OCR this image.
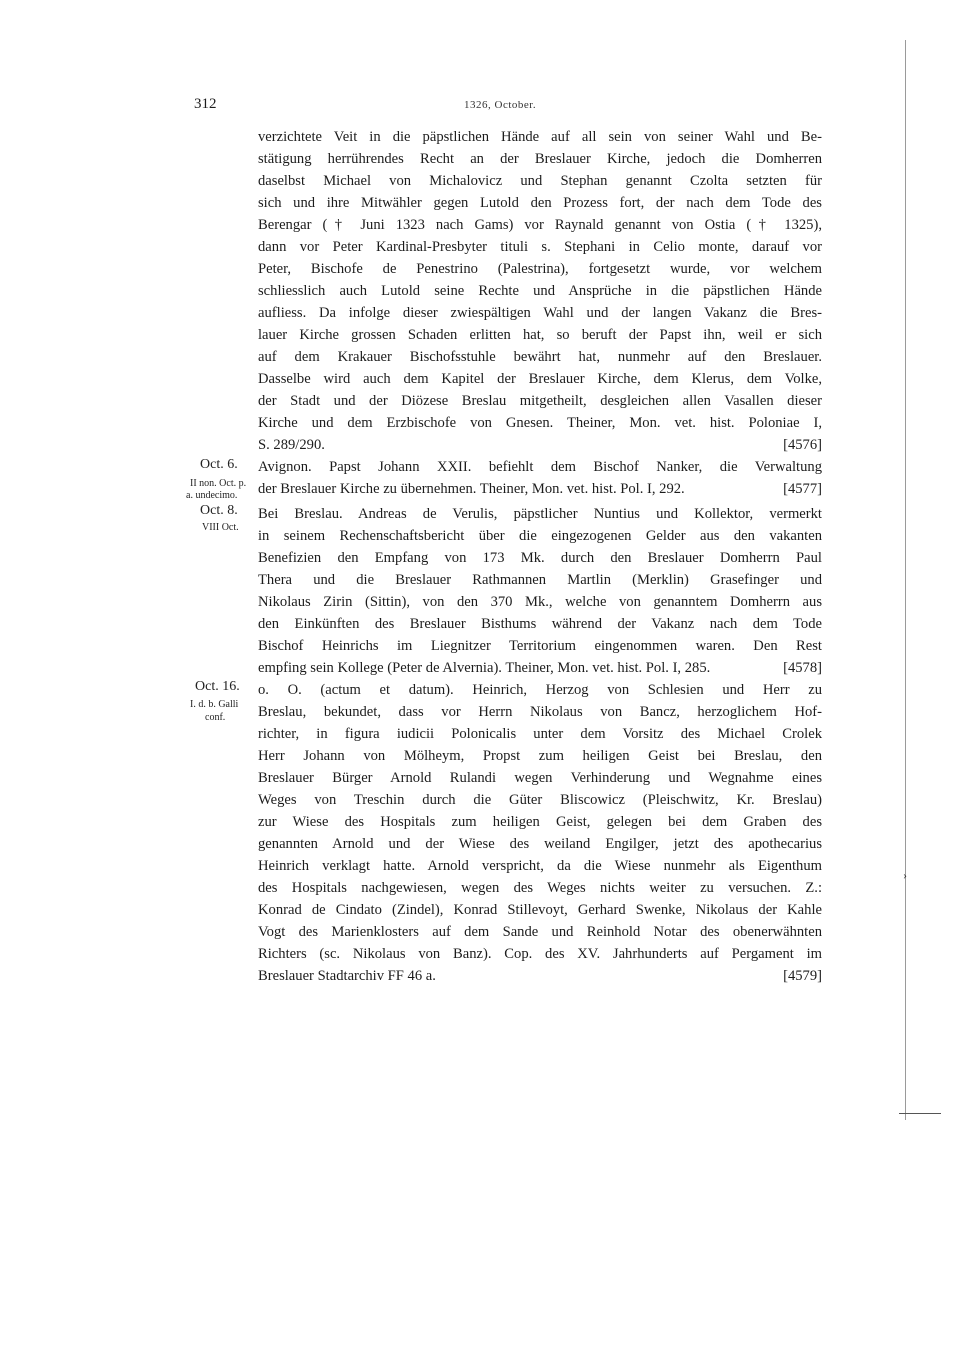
312	1326, October.
verzichtete Veit in die päpstlichen Hände auf all sein von seiner Wahl und Be-
stätigung herrührendes Recht an der Breslauer Kirche, jedoch die Domherren
daselbst Michael von Michalovicz und Stephan genannt Czolta setzten für
sich und ihre Mitwähler gegen Lutold den Prozess fort, der nach dem Tode des
Berengar († Juni 1323 nach Gams) vor Raynald genannt von Ostia († 1325),
dann vor Peter Kardinal-Presbyter tituli s. Stephani in Celio monte, darauf vor
Peter, Bischofe de Penestrino (Palestrina), fortgesetzt wurde, vor welchem
schliesslich auch Lutold seine Rechte und Ansprüche in die päpstlichen Hände
aufliess. Da infolge dieser zwiespältigen Wahl und der langen Vakanz die Bres-
lauer Kirche grossen Schaden erlitten hat, so beruft der Papst ihn, weil er sich
auf dem Krakauer Bischofsstuhle bewährt hat, nunmehr auf den Breslauer.
Dasselbe wird auch dem Kapitel der Breslauer Kirche, dem Klerus, dem Volke,
der Stadt und der Diözese Breslau mitgetheilt, desgleichen allen Vasallen dieser
Kirche und dem Erzbischofe von Gnesen. Theiner, Mon. vet. hist. Poloniae I,
S. 289/290.	[4576]
Avignon. Papst Johann XXII. befiehlt dem Bischof Nanker, die Verwaltung
der Breslauer Kirche zu übernehmen. Theiner, Mon. vet. hist. Pol. I, 292.	[4577]
Bei Breslau. Andreas de Verulis, päpstlicher Nuntius und Kollektor, vermerkt
in seinem Rechenschaftsbericht über die eingezogenen Gelder aus den vakanten
Benefizien den Empfang von 173 Mk. durch den Breslauer Domherrn Paul
Thera und die Breslauer Rathmannen Martlin (Merklin) Grasefinger und
Nikolaus Zirin (Sittin), von den 370 Mk., welche von genanntem Domherrn aus
den Einkünften des Breslauer Bisthums während der Vakanz nach dem Tode
Bischof Heinrichs im Liegnitzer Territorium eingenommen waren. Den Rest
empfing sein Kollege (Peter de Alvernia). Theiner, Mon. vet. hist. Pol. I, 285.	[4578]
o. O. (actum et datum). Heinrich, Herzog von Schlesien und Herr zu
Breslau, bekundet, dass vor Herrn Nikolaus von Bancz, herzoglichem Hof-
richter, in figura iudicii Polonicalis unter dem Vorsitz des Michael Crolek
Herr Johann von Mölheym, Propst zum heiligen Geist bei Breslau, den
Breslauer Bürger Arnold Rulandi wegen Verhinderung und Wegnahme eines
Weges von Treschin durch die Güter Bliscowicz (Pleischwitz, Kr. Breslau)
zur Wiese des Hospitals zum heiligen Geist, gelegen bei dem Graben des
genannten Arnold und der Wiese des weiland Engilger, jetzt des apothecarius
Heinrich verklagt hatte. Arnold verspricht, da die Wiese nunmehr als Eigenthum
des Hospitals nachgewiesen, wegen des Weges nichts weiter zu versuchen. Z.:
Konrad de Cindato (Zindel), Konrad Stillevoyt, Gerhard Swenke, Nikolaus der Kahle
Vogt des Marienklosters auf dem Sande und Reinhold Notar des obenerwähnten
Richters (sc. Nikolaus von Banz). Cop. des XV. Jahrhunderts auf Pergament im
Breslauer Stadtarchiv FF 46 a.	[4579]
Oct. 6.
II non. Oct. p.
a. undecimo.
Oct. 8.
VIII Oct.
Oct. 16.
I. d. b. Galli
conf.
›
